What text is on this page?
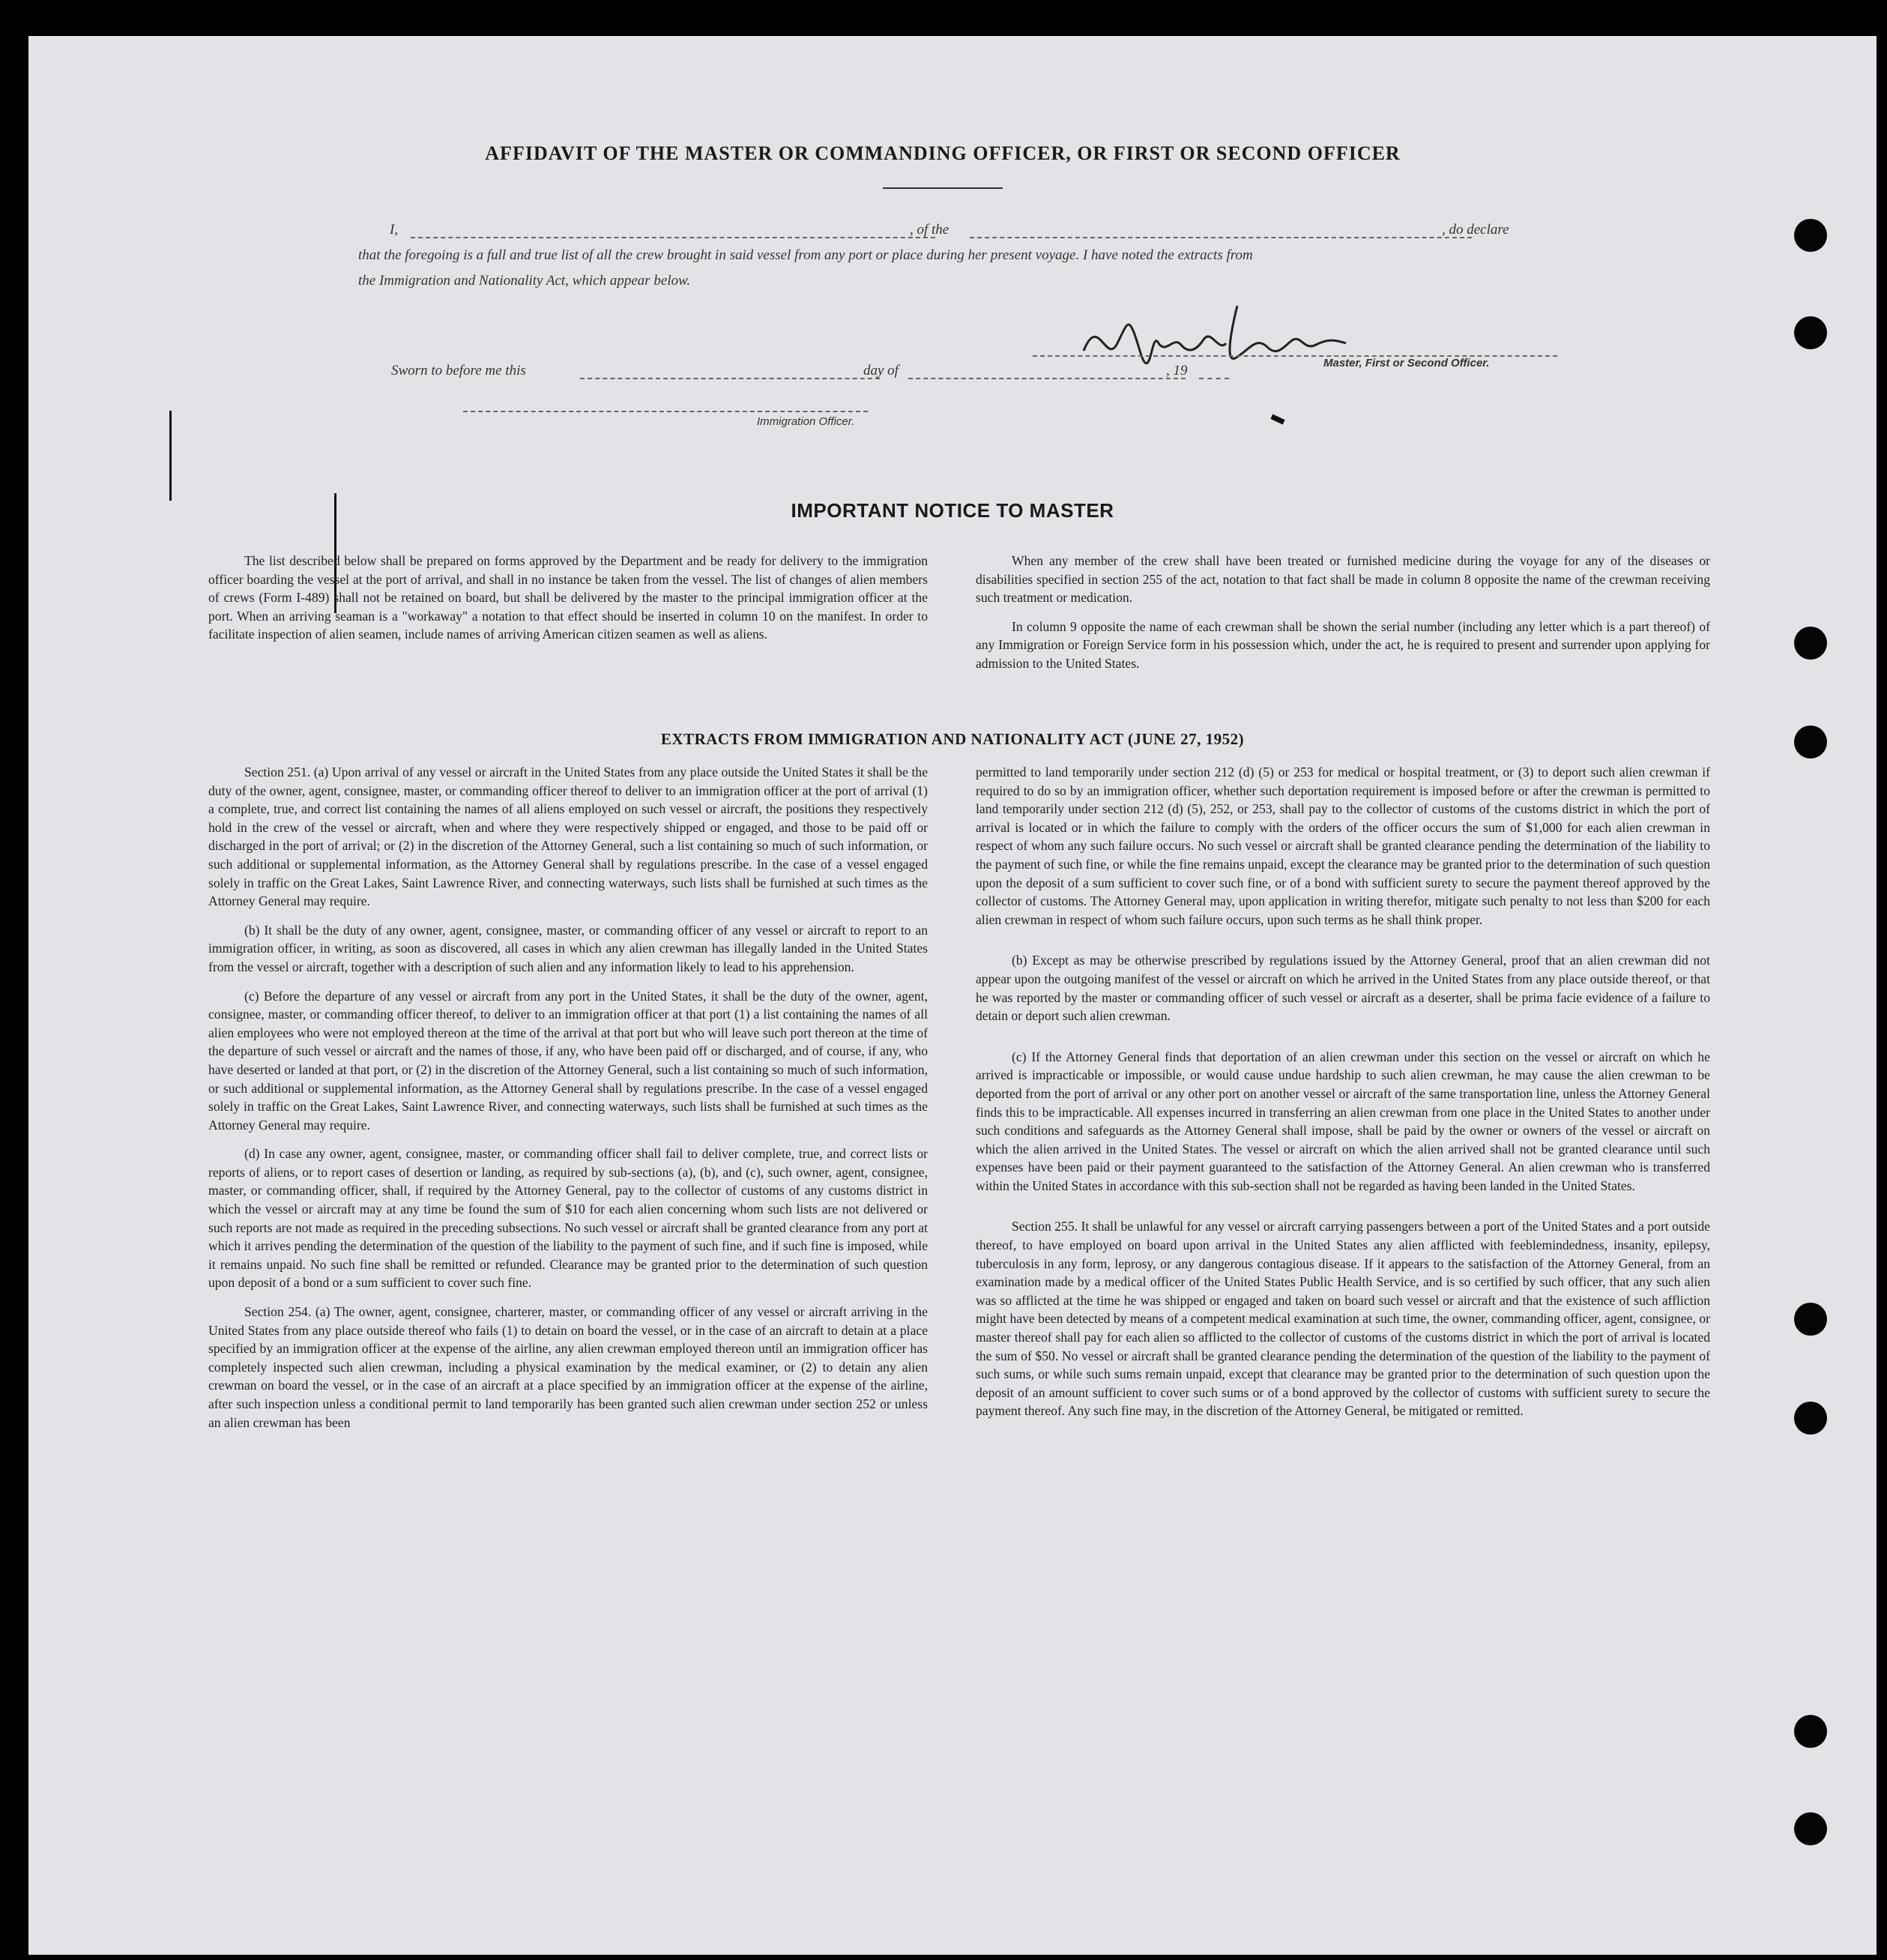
AFFIDAVIT OF THE MASTER OR COMMANDING OFFICER, OR FIRST OR SECOND OFFICER
I,	, of the	, do declare
that the foregoing is a full and true list of all the crew brought in said vessel from any port or place during her present voyage. I have noted the extracts from
the Immigration and Nationality Act, which appear below.
Master, First or Second Officer.
Sworn to before me this	day of	, 19
Immigration Officer.
IMPORTANT NOTICE TO MASTER

The list described below shall be prepared on forms approved by the Department and be ready for delivery to the immigration officer boarding the vessel at the port of arrival, and shall in no instance be taken from the vessel. The list of changes of alien members of crews (Form I-489) shall not be retained on board, but shall be delivered by the master to the principal immigration officer at the port. When an arriving seaman is a "workaway" a notation to that effect should be inserted in column 10 on the manifest. In order to facilitate inspection of alien seamen, include names of arriving American citizen seamen as well as aliens.

When any member of the crew shall have been treated or furnished medicine during the voyage for any of the diseases or disabilities specified in section 255 of the act, notation to that fact shall be made in column 8 opposite the name of the crewman receiving such treatment or medication.

In column 9 opposite the name of each crewman shall be shown the serial number (including any letter which is a part thereof) of any Immigration or Foreign Service form in his possession which, under the act, he is required to present and surrender upon applying for admission to the United States.

EXTRACTS FROM IMMIGRATION AND NATIONALITY ACT (JUNE 27, 1952)

Section 251. (a) Upon arrival of any vessel or aircraft in the United States from any place outside the United States it shall be the duty of the owner, agent, consignee, master, or commanding officer thereof to deliver to an immigration officer at the port of arrival (1) a complete, true, and correct list containing the names of all aliens employed on such vessel or aircraft, the positions they respectively hold in the crew of the vessel or aircraft, when and where they were respectively shipped or engaged, and those to be paid off or discharged in the port of arrival; or (2) in the discretion of the Attorney General, such a list containing so much of such information, or such additional or supplemental information, as the Attorney General shall by regulations prescribe. In the case of a vessel engaged solely in traffic on the Great Lakes, Saint Lawrence River, and connecting waterways, such lists shall be furnished at such times as the Attorney General may require.

(b) It shall be the duty of any owner, agent, consignee, master, or commanding officer of any vessel or aircraft to report to an immigration officer, in writing, as soon as discovered, all cases in which any alien crewman has illegally landed in the United States from the vessel or aircraft, together with a description of such alien and any information likely to lead to his apprehension.

(c) Before the departure of any vessel or aircraft from any port in the United States, it shall be the duty of the owner, agent, consignee, master, or commanding officer thereof, to deliver to an immigration officer at that port (1) a list containing the names of all alien employees who were not employed thereon at the time of the arrival at that port but who will leave such port thereon at the time of the departure of such vessel or aircraft and the names of those, if any, who have been paid off or discharged, and of course, if any, who have deserted or landed at that port, or (2) in the discretion of the Attorney General, such a list containing so much of such information, or such additional or supplemental information, as the Attorney General shall by regulations prescribe. In the case of a vessel engaged solely in traffic on the Great Lakes, Saint Lawrence River, and connecting waterways, such lists shall be furnished at such times as the Attorney General may require.

(d) In case any owner, agent, consignee, master, or commanding officer shall fail to deliver complete, true, and correct lists or reports of aliens, or to report cases of desertion or landing, as required by sub-sections (a), (b), and (c), such owner, agent, consignee, master, or commanding officer, shall, if required by the Attorney General, pay to the collector of customs of any customs district in which the vessel or aircraft may at any time be found the sum of $10 for each alien concerning whom such lists are not delivered or such reports are not made as required in the preceding subsections. No such vessel or aircraft shall be granted clearance from any port at which it arrives pending the determination of the question of the liability to the payment of such fine, and if such fine is imposed, while it remains unpaid. No such fine shall be remitted or refunded. Clearance may be granted prior to the determination of such question upon deposit of a bond or a sum sufficient to cover such fine.

Section 254. (a) The owner, agent, consignee, charterer, master, or commanding officer of any vessel or aircraft arriving in the United States from any place outside thereof who fails (1) to detain on board the vessel, or in the case of an aircraft to detain at a place specified by an immigration officer at the expense of the airline, any alien crewman employed thereon until an immigration officer has completely inspected such alien crewman, including a physical examination by the medical examiner, or (2) to detain any alien crewman on board the vessel, or in the case of an aircraft at a place specified by an immigration officer at the expense of the airline, after such inspection unless a conditional permit to land temporarily has been granted such alien crewman under section 252 or unless an alien crewman has been

permitted to land temporarily under section 212 (d) (5) or 253 for medical or hospital treatment, or (3) to deport such alien crewman if required to do so by an immigration officer, whether such deportation requirement is imposed before or after the crewman is permitted to land temporarily under section 212 (d) (5), 252, or 253, shall pay to the collector of customs of the customs district in which the port of arrival is located or in which the failure to comply with the orders of the officer occurs the sum of $1,000 for each alien crewman in respect of whom any such failure occurs. No such vessel or aircraft shall be granted clearance pending the determination of the liability to the payment of such fine, or while the fine remains unpaid, except the clearance may be granted prior to the determination of such question upon the deposit of a sum sufficient to cover such fine, or of a bond with sufficient surety to secure the payment thereof approved by the collector of customs. The Attorney General may, upon application in writing therefor, mitigate such penalty to not less than $200 for each alien crewman in respect of whom such failure occurs, upon such terms as he shall think proper.

(b) Except as may be otherwise prescribed by regulations issued by the Attorney General, proof that an alien crewman did not appear upon the outgoing manifest of the vessel or aircraft on which he arrived in the United States from any place outside thereof, or that he was reported by the master or commanding officer of such vessel or aircraft as a deserter, shall be prima facie evidence of a failure to detain or deport such alien crewman.

(c) If the Attorney General finds that deportation of an alien crewman under this section on the vessel or aircraft on which he arrived is impracticable or impossible, or would cause undue hardship to such alien crewman, he may cause the alien crewman to be deported from the port of arrival or any other port on another vessel or aircraft of the same transportation line, unless the Attorney General finds this to be impracticable. All expenses incurred in transferring an alien crewman from one place in the United States to another under such conditions and safeguards as the Attorney General shall impose, shall be paid by the owner or owners of the vessel or aircraft on which the alien arrived in the United States. The vessel or aircraft on which the alien arrived shall not be granted clearance until such expenses have been paid or their payment guaranteed to the satisfaction of the Attorney General. An alien crewman who is transferred within the United States in accordance with this sub-section shall not be regarded as having been landed in the United States.

Section 255. It shall be unlawful for any vessel or aircraft carrying passengers between a port of the United States and a port outside thereof, to have employed on board upon arrival in the United States any alien afflicted with feeblemindedness, insanity, epilepsy, tuberculosis in any form, leprosy, or any dangerous contagious disease. If it appears to the satisfaction of the Attorney General, from an examination made by a medical officer of the United States Public Health Service, and is so certified by such officer, that any such alien was so afflicted at the time he was shipped or engaged and taken on board such vessel or aircraft and that the existence of such affliction might have been detected by means of a competent medical examination at such time, the owner, commanding officer, agent, consignee, or master thereof shall pay for each alien so afflicted to the collector of customs of the customs district in which the port of arrival is located the sum of $50. No vessel or aircraft shall be granted clearance pending the determination of the question of the liability to the payment of such sums, or while such sums remain unpaid, except that clearance may be granted prior to the determination of such question upon the deposit of an amount sufficient to cover such sums or of a bond approved by the collector of customs with sufficient surety to secure the payment thereof. Any such fine may, in the discretion of the Attorney General, be mitigated or remitted.
